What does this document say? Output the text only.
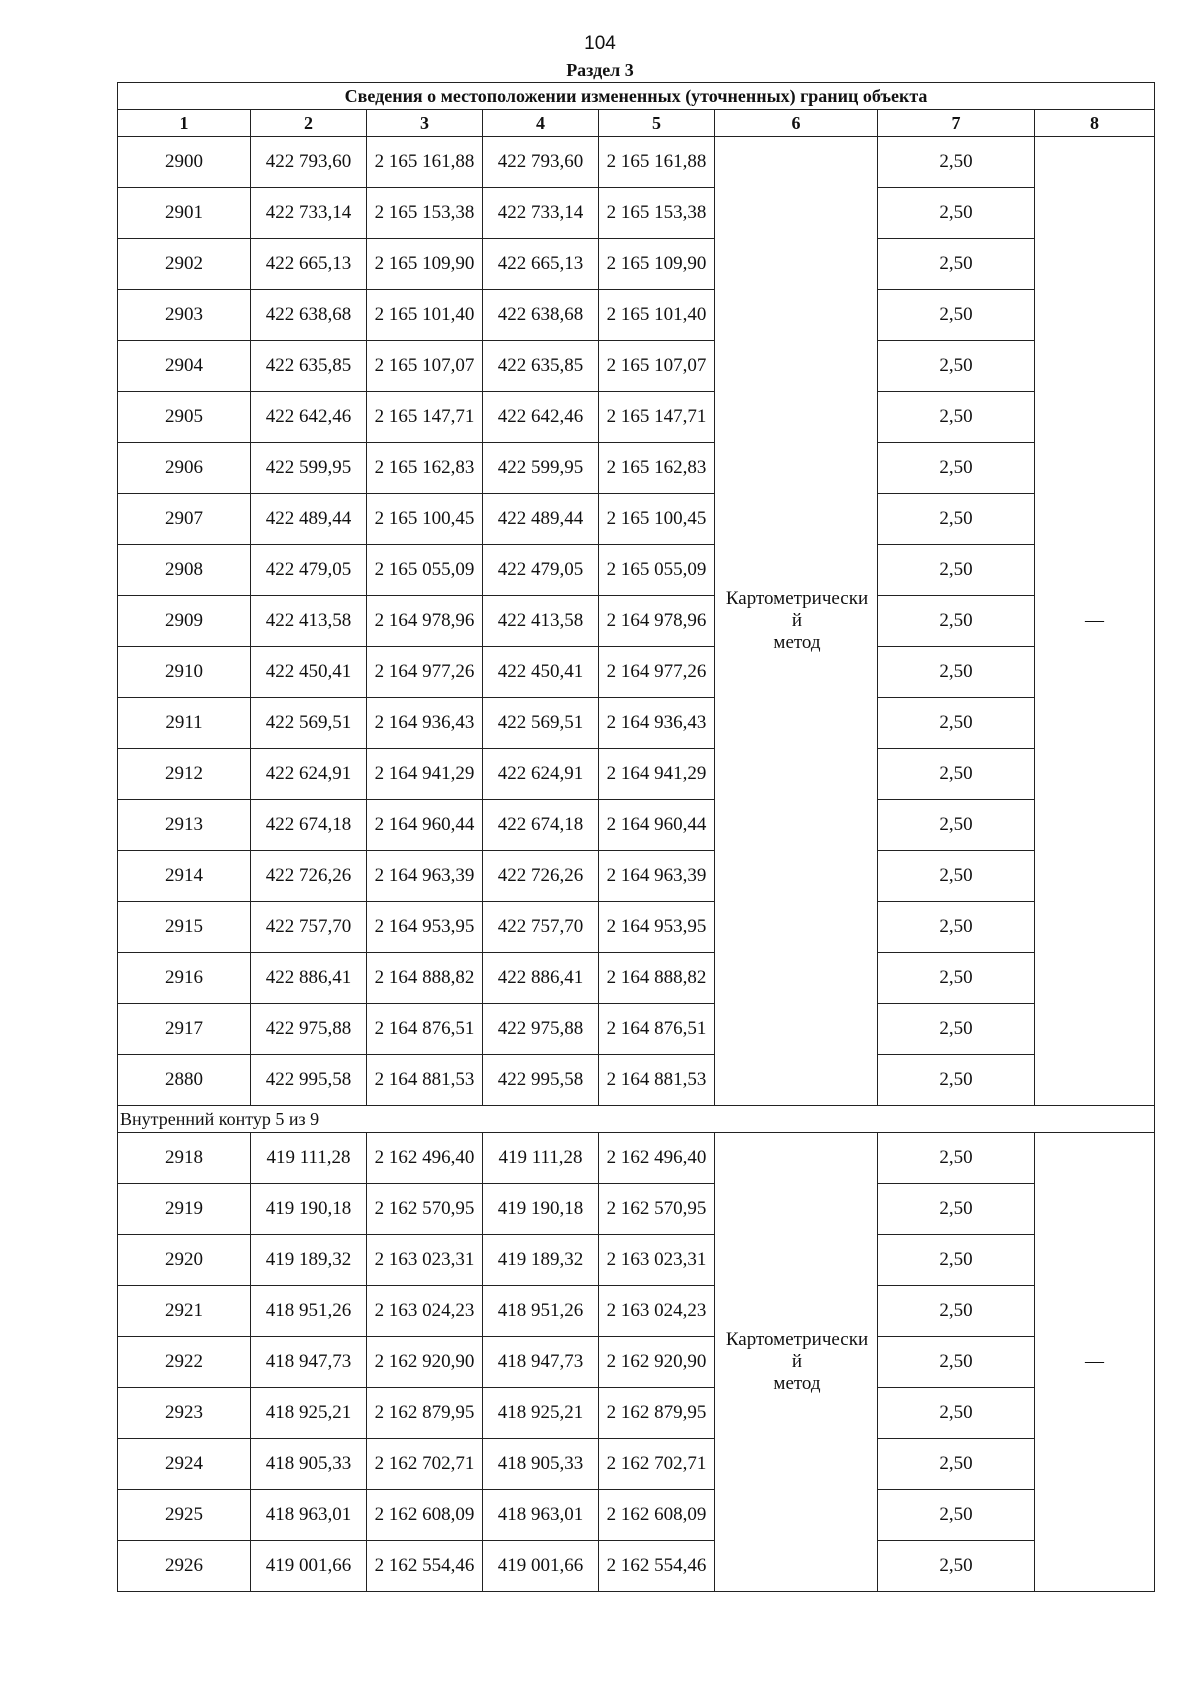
104
Раздел 3
Сведения о местоположении измененных (уточненных) границ объекта							
1	2	3	4	5	6	7	8
2900	422 793,60	2 165 161,88	422 793,60	2 165 161,88	Картометрически
й
метод	2,50	—
2901	422 733,14	2 165 153,38	422 733,14	2 165 153,38		2,50	
2902	422 665,13	2 165 109,90	422 665,13	2 165 109,90		2,50	
2903	422 638,68	2 165 101,40	422 638,68	2 165 101,40		2,50	
2904	422 635,85	2 165 107,07	422 635,85	2 165 107,07		2,50	
2905	422 642,46	2 165 147,71	422 642,46	2 165 147,71		2,50	
2906	422 599,95	2 165 162,83	422 599,95	2 165 162,83		2,50	
2907	422 489,44	2 165 100,45	422 489,44	2 165 100,45		2,50	
2908	422 479,05	2 165 055,09	422 479,05	2 165 055,09		2,50	
2909	422 413,58	2 164 978,96	422 413,58	2 164 978,96		2,50	
2910	422 450,41	2 164 977,26	422 450,41	2 164 977,26		2,50	
2911	422 569,51	2 164 936,43	422 569,51	2 164 936,43		2,50	
2912	422 624,91	2 164 941,29	422 624,91	2 164 941,29		2,50	
2913	422 674,18	2 164 960,44	422 674,18	2 164 960,44		2,50	
2914	422 726,26	2 164 963,39	422 726,26	2 164 963,39		2,50	
2915	422 757,70	2 164 953,95	422 757,70	2 164 953,95		2,50	
2916	422 886,41	2 164 888,82	422 886,41	2 164 888,82		2,50	
2917	422 975,88	2 164 876,51	422 975,88	2 164 876,51		2,50	
2880	422 995,58	2 164 881,53	422 995,58	2 164 881,53		2,50	
Внутренний контур 5 из 9							
2918	419 111,28	2 162 496,40	419 111,28	2 162 496,40	Картометрически
й
метод	2,50	—
2919	419 190,18	2 162 570,95	419 190,18	2 162 570,95		2,50	
2920	419 189,32	2 163 023,31	419 189,32	2 163 023,31		2,50	
2921	418 951,26	2 163 024,23	418 951,26	2 163 024,23		2,50	
2922	418 947,73	2 162 920,90	418 947,73	2 162 920,90		2,50	
2923	418 925,21	2 162 879,95	418 925,21	2 162 879,95		2,50	
2924	418 905,33	2 162 702,71	418 905,33	2 162 702,71		2,50	
2925	418 963,01	2 162 608,09	418 963,01	2 162 608,09		2,50	
2926	419 001,66	2 162 554,46	419 001,66	2 162 554,46		2,50	
